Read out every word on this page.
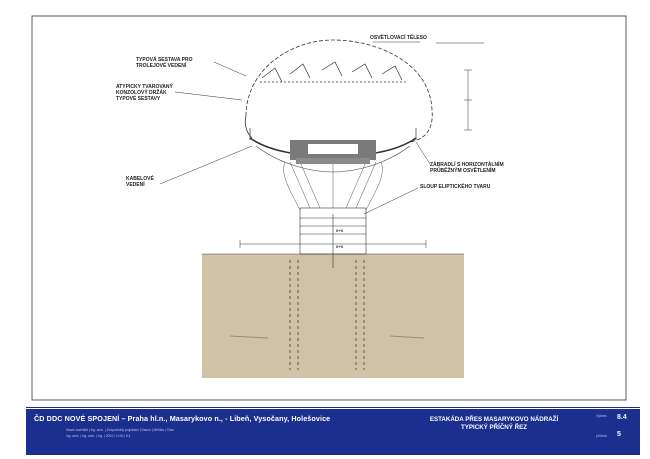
OSVĚTLOVACÍ TĚLESO
TYPOVÁ SESTAVA PRO
TROLEJOVÉ VEDENÍ
ATYPICKY TVAROVANÝ
KONZOLOVÝ DRŽÁK
TYPOVÉ SESTAVY
KABELOVÉ
VEDENÍ
ZÁBRADLÍ S HORIZONTÁLNÍM
PRŮBĚŽNÝM OSVĚTLENÍM
SLOUP ELIPTICKÉHO TVARU
0+X
0+X
ČD DDC NOVÉ SPOJENÍ – Praha hl.n., Masarykovo n., - Libeň, Vysočany, Holešovice
Hlavní architekt | Ing. arch. | Zodpovědný projektant | Datum | Měřítko | Číslo
Ing. arch. | Ing. arch. | Ing. | 2004 | 1:100 | 8.4
ESTAKÁDA PŘES MASARYKOVO NÁDRAŽÍ
TYPICKÝ PŘÍČNÝ ŘEZ
Výkres 8.4
příloha 5
